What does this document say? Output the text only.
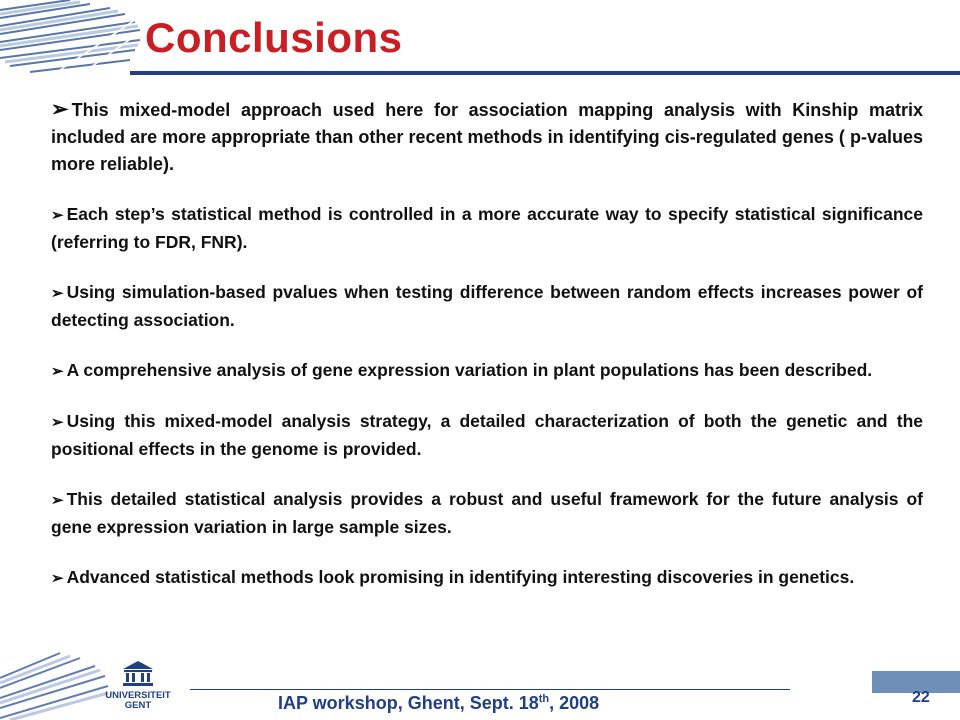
Conclusions

➢ This mixed-model approach used here for association mapping analysis with Kinship matrix included are more appropriate than other recent methods in identifying cis-regulated genes ( p-values more reliable).

➢ Each step’s statistical method is controlled in a more accurate way to specify statistical significance (referring to FDR, FNR).

➢ Using simulation-based pvalues when testing difference between random effects increases power of detecting association.

➢ A comprehensive analysis of gene expression variation in plant populations has been described.

➢ Using this mixed-model analysis strategy, a detailed characterization of both the genetic and the positional effects in the genome is provided.

➢ This detailed statistical analysis provides a robust and useful framework for the future analysis of gene expression variation in large sample sizes.

➢ Advanced statistical methods look promising in identifying interesting discoveries in genetics.

UNIVERSITEIT
GENT	IAP workshop, Ghent, Sept. 18th, 2008	22
